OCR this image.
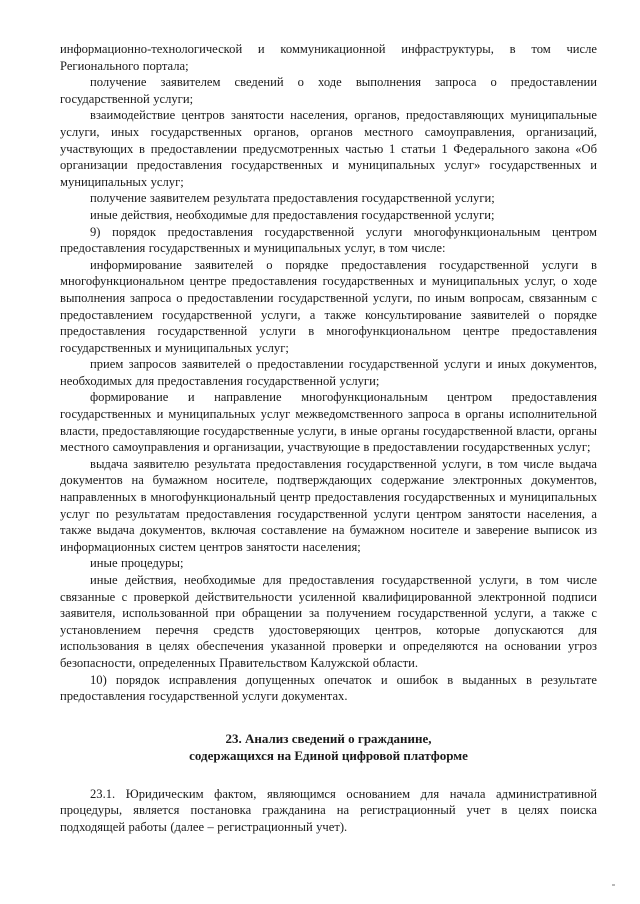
информационно-технологической и коммуникационной инфраструктуры, в том числе Регионального портала;

получение заявителем сведений о ходе выполнения запроса о предоставлении государственной услуги;

взаимодействие центров занятости населения, органов, предоставляющих муниципальные услуги, иных государственных органов, органов местного самоуправления, организаций, участвующих в предоставлении предусмотренных частью 1 статьи 1 Федерального закона «Об организации предоставления государственных и муниципальных услуг» государственных и муниципальных услуг;

получение заявителем результата предоставления государственной услуги;

иные действия, необходимые для предоставления государственной услуги;

9) порядок предоставления государственной услуги многофункциональным центром предоставления государственных и муниципальных услуг, в том числе:

информирование заявителей о порядке предоставления государственной услуги в многофункциональном центре предоставления государственных и муниципальных услуг, о ходе выполнения запроса о предоставлении государственной услуги, по иным вопросам, связанным с предоставлением государственной услуги, а также консультирование заявителей о порядке предоставления государственной услуги в многофункциональном центре предоставления государственных и муниципальных услуг;

прием запросов заявителей о предоставлении государственной услуги и иных документов, необходимых для предоставления государственной услуги;

формирование и направление многофункциональным центром предоставления государственных и муниципальных услуг межведомственного запроса в органы исполнительной власти, предоставляющие государственные услуги, в иные органы государственной власти, органы местного самоуправления и организации, участвующие в предоставлении государственных услуг;

выдача заявителю результата предоставления государственной услуги, в том числе выдача документов на бумажном носителе, подтверждающих содержание электронных документов, направленных в многофункциональный центр предоставления государственных и муниципальных услуг по результатам предоставления государственной услуги центром занятости населения, а также выдача документов, включая составление на бумажном носителе и заверение выписок из информационных систем центров занятости населения;

иные процедуры;

иные действия, необходимые для предоставления государственной услуги, в том числе связанные с проверкой действительности усиленной квалифицированной электронной подписи заявителя, использованной при обращении за получением государственной услуги, а также с установлением перечня средств удостоверяющих центров, которые допускаются для использования в целях обеспечения указанной проверки и определяются на основании угроз безопасности, определенных Правительством Калужской области.

10) порядок исправления допущенных опечаток и ошибок в выданных в результате предоставления государственной услуги документах.

23. Анализ сведений о гражданине,
содержащихся на Единой цифровой платформе

23.1. Юридическим фактом, являющимся основанием для начала административной процедуры, является постановка гражданина на регистрационный учет в целях поиска подходящей работы (далее – регистрационный учет).
